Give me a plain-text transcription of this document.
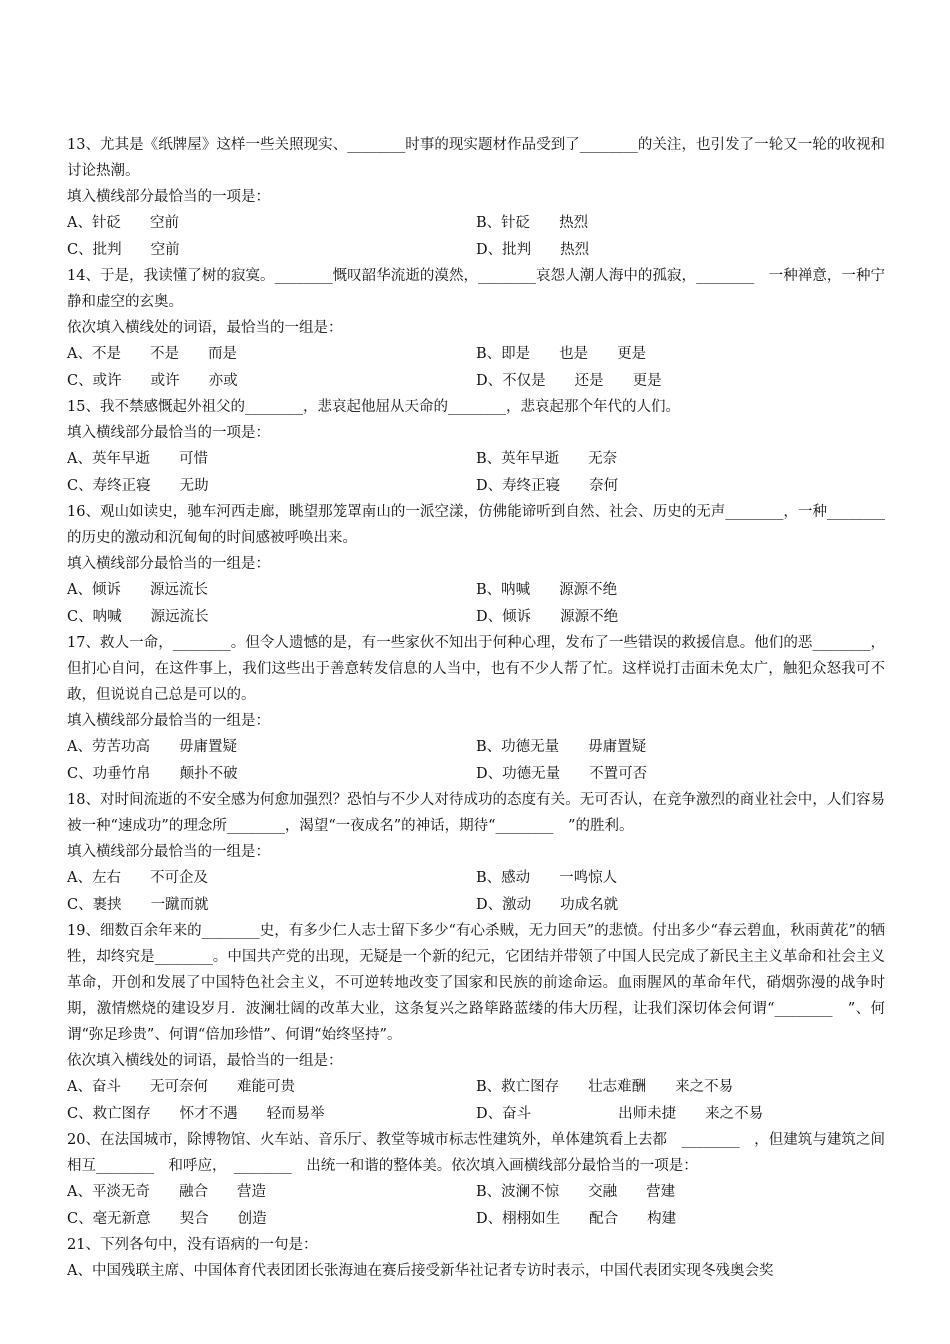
13、尤其是《纸牌屋》这样一些关照现实、________时事的现实题材作品受到了________的关注，也引发了一轮又一轮的收视和讨论热潮。

填入横线部分最恰当的一项是：

A、针砭　　空前	B、针砭　　热烈

C、批判　　空前	D、批判　　热烈

14、于是，我读懂了树的寂寞。________慨叹韶华流逝的漠然，________哀怨人潮人海中的孤寂，________　一种禅意，一种宁静和虚空的玄奥。

依次填入横线处的词语，最恰当的一组是：

A、不是　　不是　　而是	B、即是　　也是　　更是

C、或许　　或许　　亦或	D、不仅是　　还是　　更是

15、我不禁感慨起外祖父的________，悲哀起他屈从天命的________，悲哀起那个年代的人们。

填入横线部分最恰当的一项是：

A、英年早逝　　可惜	B、英年早逝　　无奈

C、寿终正寝　　无助	D、寿终正寝　　奈何

16、观山如读史，驰车河西走廊，眺望那笼罩南山的一派空漾，仿佛能谛听到自然、社会、历史的无声________，一种________的历史的激动和沉甸甸的时间感被呼唤出来。

填入横线部分最恰当的一组是：

A、倾诉　　源远流长	B、呐喊　　源源不绝

C、呐喊　　源远流长	D、倾诉　　源源不绝

17、救人一命，________。但令人遗憾的是，有一些家伙不知出于何种心理，发布了一些错误的救援信息。他们的恶________，但扪心自问，在这件事上，我们这些出于善意转发信息的人当中，也有不少人帮了忙。这样说打击面未免太广，触犯众怒我可不敢，但说说自己总是可以的。

填入横线部分最恰当的一组是：

A、劳苦功高　　毋庸置疑	B、功德无量　　毋庸置疑

C、功垂竹帛　　颠扑不破	D、功德无量　　不置可否

18、对时间流逝的不安全感为何愈加强烈？恐怕与不少人对待成功的态度有关。无可否认，在竞争激烈的商业社会中，人们容易被一种“速成功”的理念所________，渴望“一夜成名”的神话，期待“________　”的胜利。

填入横线部分最恰当的一组是：

A、左右　　不可企及	B、感动　　一鸣惊人

C、裹挟　　一蹴而就	D、激动　　功成名就

19、细数百余年来的________史，有多少仁人志士留下多少“有心杀贼，无力回天”的悲愤。付出多少“春云碧血，秋雨黄花”的牺牲，却终究是________。中国共产党的出现，无疑是一个新的纪元，它团结并带领了中国人民完成了新民主主义革命和社会主义革命，开创和发展了中国特色社会主义，不可逆转地改变了国家和民族的前途命运。血雨腥风的革命年代，硝烟弥漫的战争时期，激情燃烧的建设岁月．波澜壮阔的改革大业，这条复兴之路筚路蓝缕的伟大历程，让我们深切体会何谓“________　”、何谓“弥足珍贵”、何谓“倍加珍惜”、何谓“始终坚持”。

依次填入横线处的词语，最恰当的一组是：

A、奋斗　　无可奈何　　难能可贵	B、救亡图存　　壮志难酬　　来之不易

C、救亡图存　　怀才不遇　　轻而易举	D、奋斗　　　　　　出师未捷　　来之不易

20、在法国城市，除博物馆、火车站、音乐厅、教堂等城市标志性建筑外，单体建筑看上去都　________　，但建筑与建筑之间相互________　和呼应，　________　出统一和谐的整体美。依次填入画横线部分最恰当的一项是：

A、平淡无奇　　融合　　营造	B、波澜不惊　　交融　　营建

C、毫无新意　　契合　　创造	D、栩栩如生　　配合　　构建

21、下列各句中，没有语病的一句是：

A、中国残联主席、中国体育代表团团长张海迪在赛后接受新华社记者专访时表示，中国代表团实现冬残奥会奖
